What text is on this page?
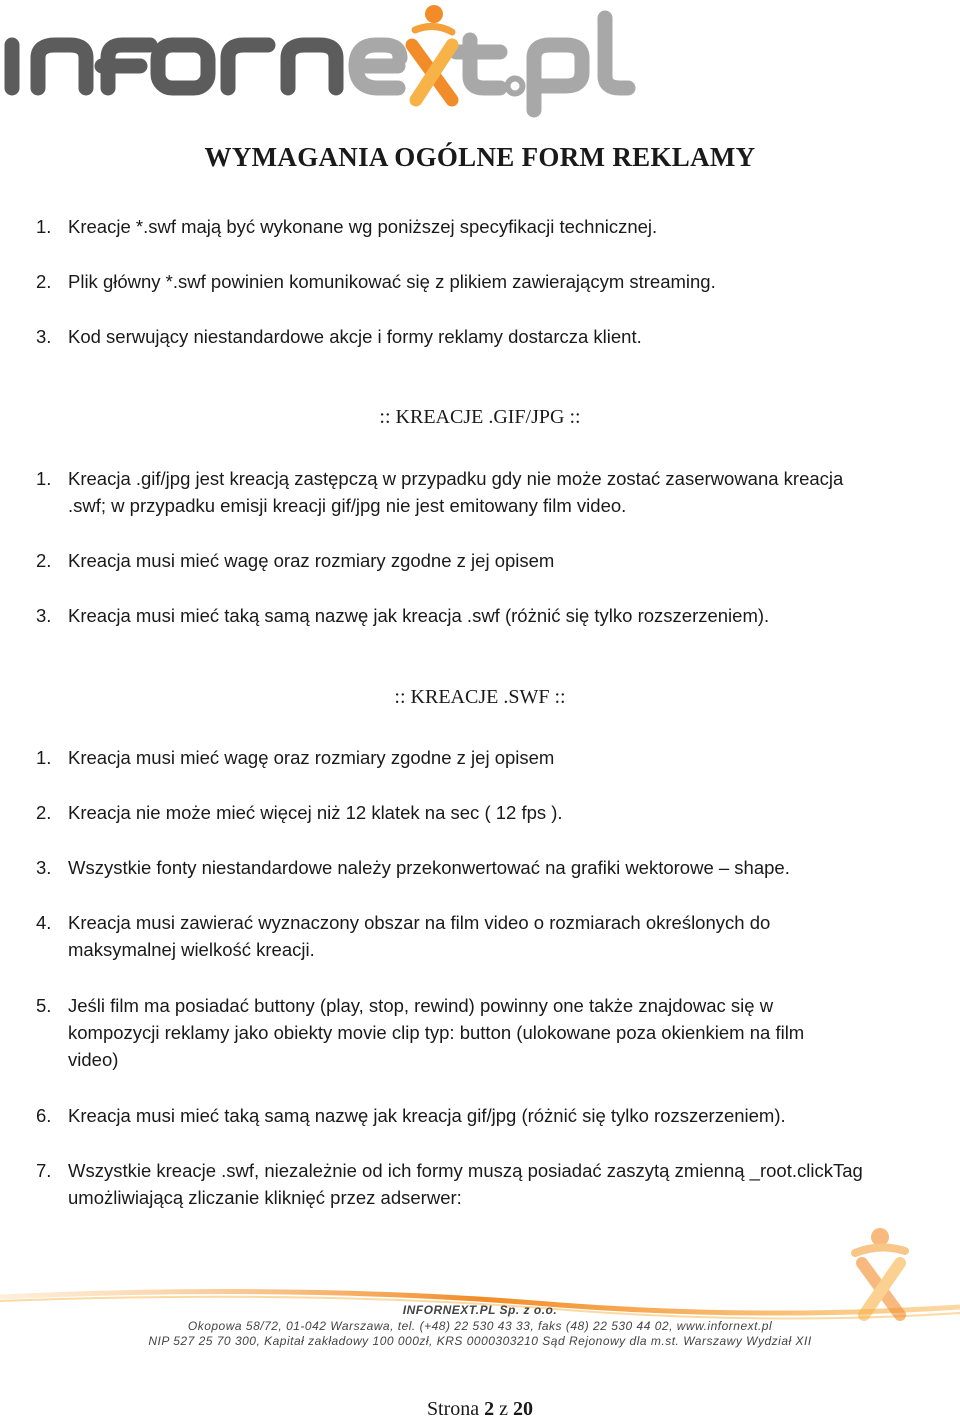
WYMAGANIA OGÓLNE FORM REKLAMY
1. Kreacje *.swf mają być wykonane wg poniższej specyfikacji technicznej.
2. Plik główny *.swf powinien komunikować się z plikiem zawierającym streaming.
3. Kod serwujący niestandardowe akcje i formy reklamy dostarcza klient.
:: KREACJE .GIF/JPG ::
1. Kreacja .gif/jpg jest kreacją zastępczą w przypadku gdy nie może zostać zaserwowana kreacja
.swf; w przypadku emisji kreacji gif/jpg nie jest emitowany film video.
2. Kreacja musi mieć wagę oraz rozmiary zgodne z jej opisem
3. Kreacja musi mieć taką samą nazwę jak kreacja .swf (różnić się tylko rozszerzeniem).
:: KREACJE .SWF ::
1. Kreacja musi mieć wagę oraz rozmiary zgodne z jej opisem
2. Kreacja nie może mieć więcej niż 12 klatek na sec ( 12 fps ).
3. Wszystkie fonty niestandardowe należy przekonwertować na grafiki wektorowe – shape.
4. Kreacja musi zawierać wyznaczony obszar na film video o rozmiarach określonych do
maksymalnej wielkość kreacji.
5. Jeśli film ma posiadać buttony (play, stop, rewind) powinny one także znajdowac się w
kompozycji reklamy jako obiekty movie clip typ: button (ulokowane poza okienkiem na film
video)
6. Kreacja musi mieć taką samą nazwę jak kreacja gif/jpg (różnić się tylko rozszerzeniem).
7. Wszystkie kreacje .swf, niezależnie od ich formy muszą posiadać zaszytą zmienną _root.clickTag
umożliwiającą zliczanie kliknięć przez adserwer:
INFORNEXT.PL Sp. z o.o.
Okopowa 58/72, 01-042 Warszawa, tel. (+48) 22 530 43 33, faks (48) 22 530 44 02, www.infornext.pl
NIP 527 25 70 300, Kapitał zakładowy 100 000zł, KRS 0000303210 Sąd Rejonowy dla m.st. Warszawy Wydział XII
Strona 2 z 20
